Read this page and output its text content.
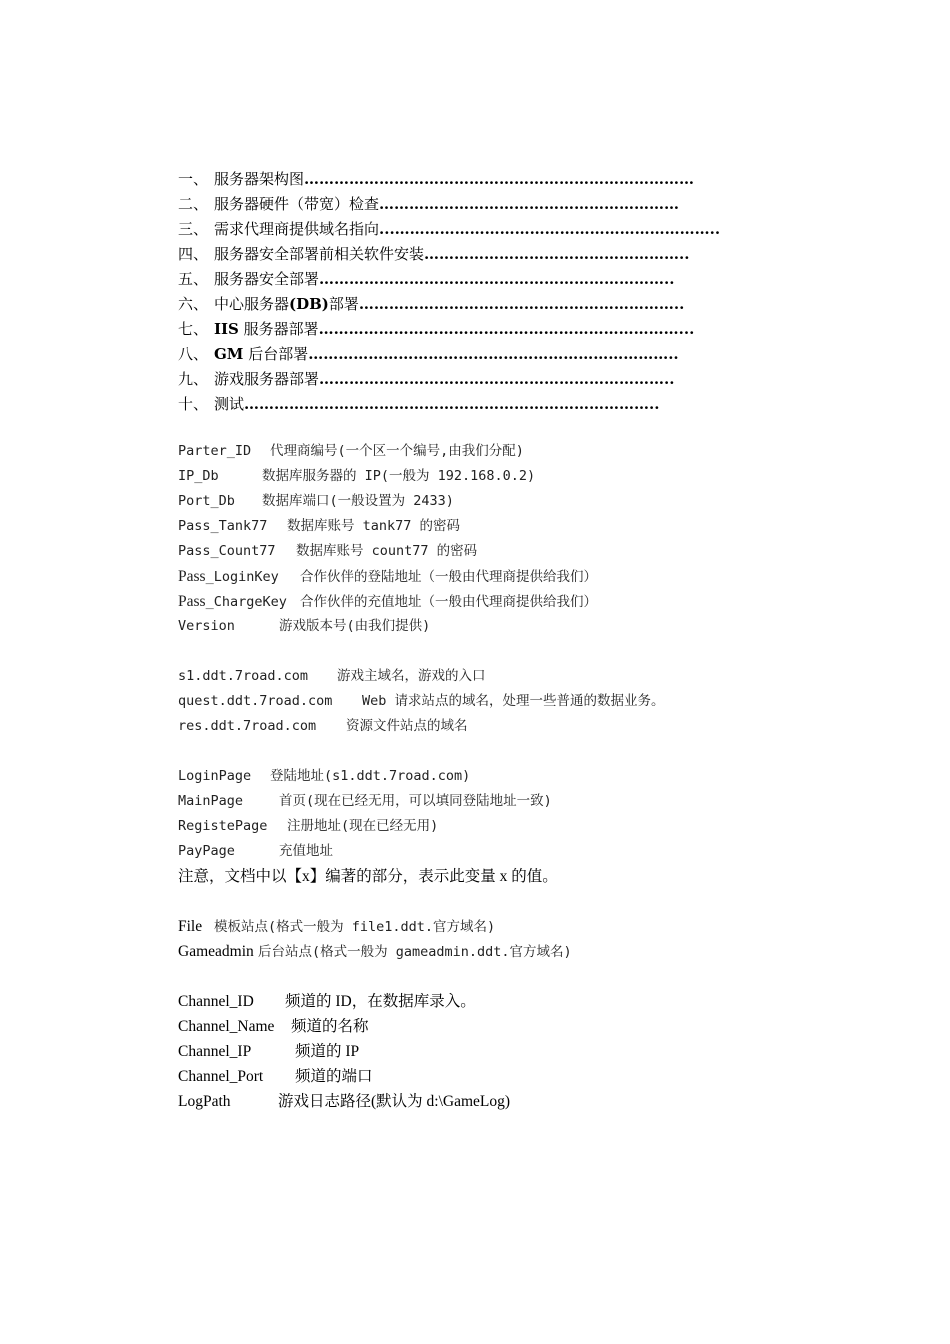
一、 服务器架构图 ……………………………………………………………………
二、 服务器硬件（带宽）检查 ……………………………………………………
三、 需求代理商提供域名指向 ...………………………………………………………..
四、 服务器安全部署前相关软件安装 ……………………………………………..
五、 服务器安全部署 ……………………………………………………………..
六、 中心服务器(DB)部署 ………………………………………………………..
七、 IIS 服务器部署 ………………………………………………………………...
八、 GM 后台部署 ………………………………………………………………..
九、 游戏服务器部署 ……………………………………………………………..
十、 测试 ………………………………………………………………………..
Parter_ID 代理商编号(一个区一个编号,由我们分配)
IP_Db	数据库服务器的 IP(一般为 192.168.0.2)
Port_Db 数据库端口(一般设置为 2433)
Pass_Tank77 数据库账号 tank77 的密码
Pass_Count77 数据库账号 count77 的密码
Pass_LoginKey 合作伙伴的登陆地址（一般由代理商提供给我们）
Pass_ChargeKey 合作伙伴的充值地址（一般由代理商提供给我们）
Version	游戏版本号(由我们提供)
s1.ddt.7road.com 游戏主域名，游戏的入口
quest.ddt.7road.com Web 请求站点的域名，处理一些普通的数据业务。
res.ddt.7road.com 资源文件站点的域名
LoginPage 登陆地址(s1.ddt.7road.com)
MainPage	首页(现在已经无用，可以填同登陆地址一致)
RegistePage 注册地址(现在已经无用)
PayPage	充值地址
注意，文档中以【x】编著的部分，表示此变量 x 的值。
File 模板站点(格式一般为 file1.ddt.官方域名)
Gameadmin 后台站点(格式一般为 gameadmin.ddt.官方域名)
Channel_ID 频道的 ID，在数据库录入。
Channel_Name 频道的名称
Channel_IP	频道的 IP
Channel_Port 频道的端口
LogPath	游戏日志路径(默认为 d:\GameLog)
